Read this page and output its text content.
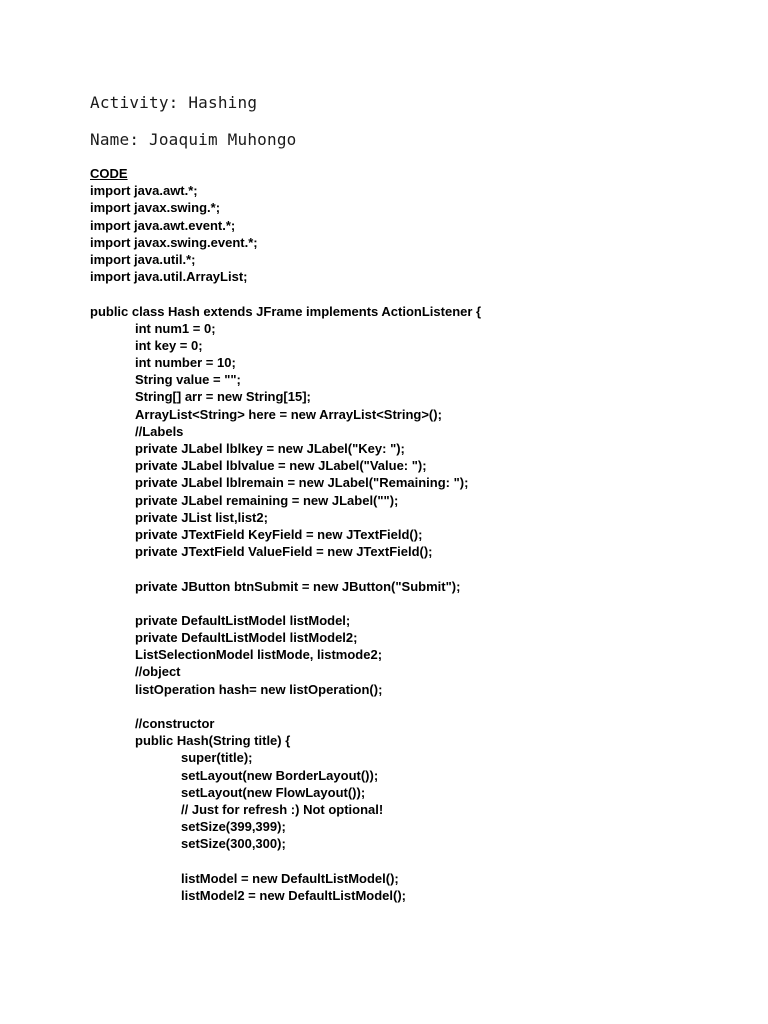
Activity: Hashing
Name: Joaquim Muhongo
CODE
import java.awt.*;
import javax.swing.*;
import java.awt.event.*;
import javax.swing.event.*;
import java.util.*;
import java.util.ArrayList;
public class Hash extends JFrame implements ActionListener {
int num1 = 0;
int key = 0;
int number = 10;
String value = "";
String[] arr = new String[15];
ArrayList<String> here = new ArrayList<String>();
//Labels
private JLabel lblkey = new JLabel("Key: ");
private JLabel lblvalue = new JLabel("Value: ");
private JLabel lblremain = new JLabel("Remaining: ");
private JLabel remaining = new JLabel("");
private JList list,list2;
private JTextField KeyField = new JTextField();
private JTextField ValueField = new JTextField();
private JButton btnSubmit = new JButton("Submit");
private DefaultListModel listModel;
private DefaultListModel listModel2;
ListSelectionModel listMode, listmode2;
//object
listOperation hash= new listOperation();
//constructor
public Hash(String title) {
super(title);
setLayout(new BorderLayout());
setLayout(new FlowLayout());
// Just for refresh :) Not optional!
setSize(399,399);
setSize(300,300);
listModel = new DefaultListModel();
listModel2 = new DefaultListModel();
